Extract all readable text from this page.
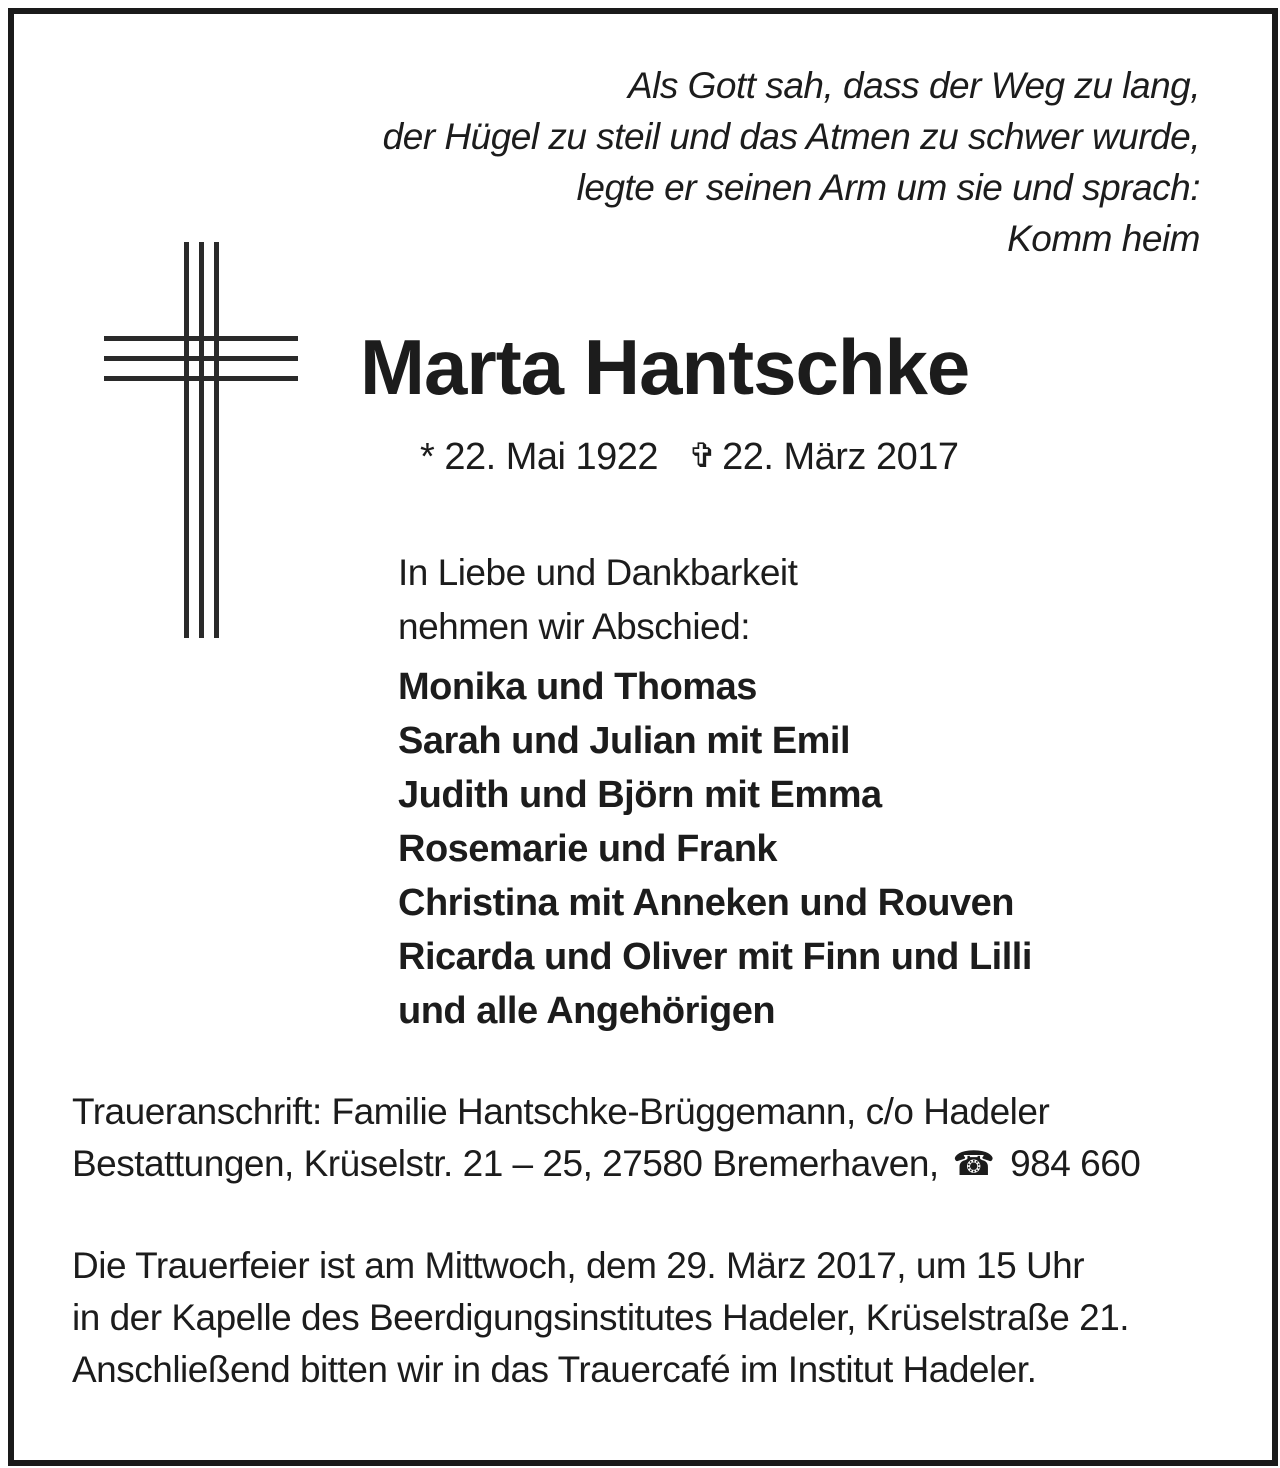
Als Gott sah, dass der Weg zu lang,
der Hügel zu steil und das Atmen zu schwer wurde,
legte er seinen Arm um sie und sprach:
Komm heim
Marta Hantschke
* 22. Mai 1922 ✞ 22. März 2017
In Liebe und Dankbarkeit
nehmen wir Abschied:
Monika und Thomas
Sarah und Julian mit Emil
Judith und Björn mit Emma
Rosemarie und Frank
Christina mit Anneken und Rouven
Ricarda und Oliver mit Finn und Lilli
und alle Angehörigen
Traueranschrift: Familie Hantschke-Brüggemann, c/o Hadeler
Bestattungen, Krüselstr. 21 – 25, 27580 Bremerhaven, ☎ 984 660
Die Trauerfeier ist am Mittwoch, dem 29. März 2017, um 15 Uhr
in der Kapelle des Beerdigungsinstitutes Hadeler, Krüselstraße 21.
Anschließend bitten wir in das Trauercafé im Institut Hadeler.
